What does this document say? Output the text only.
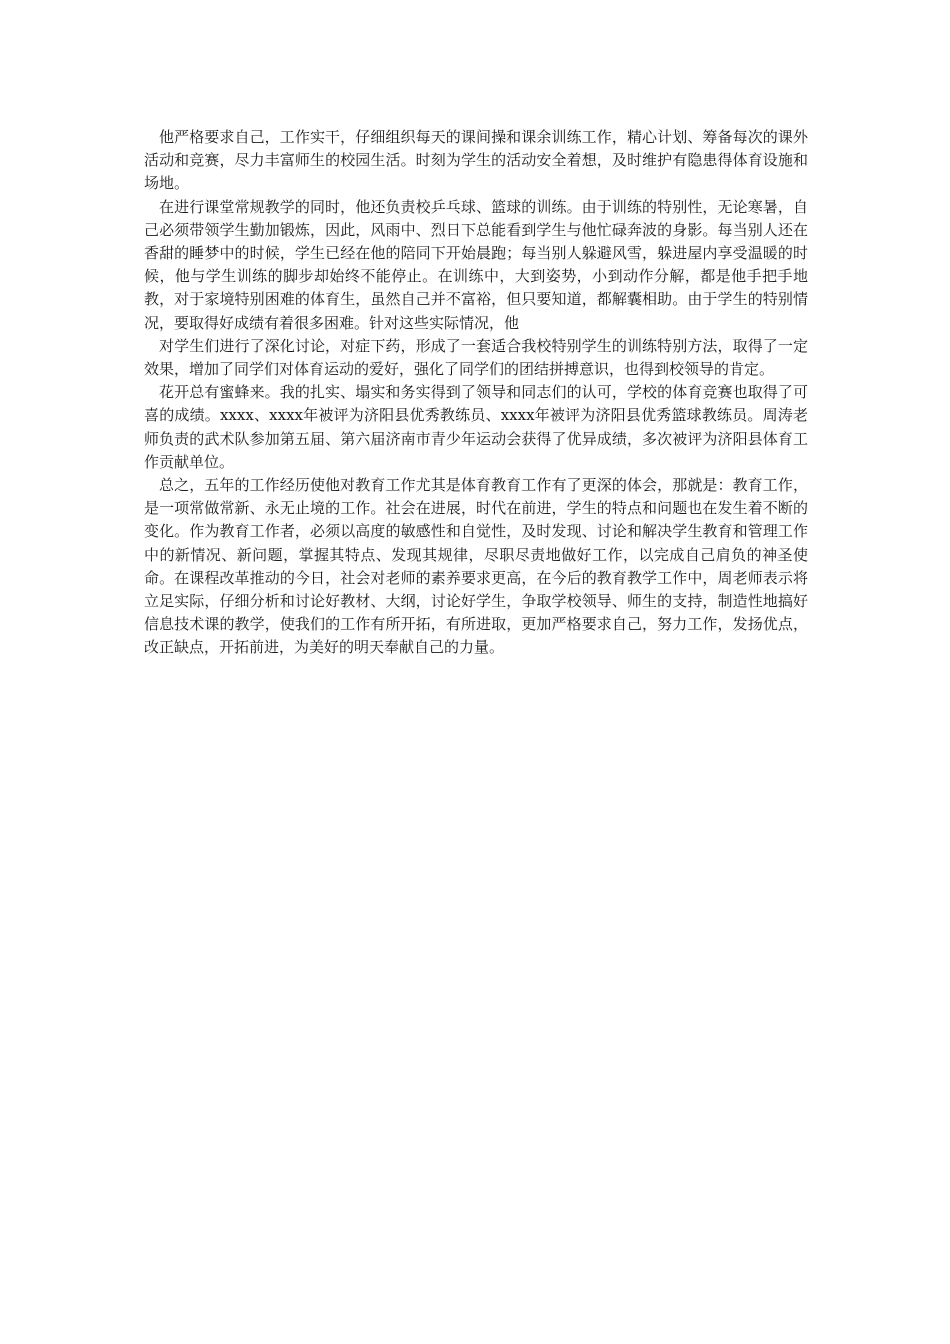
他严格要求自己，工作实干，仔细组织每天的课间操和课余训练工作，精心计划、筹备每次的课外活动和竞赛，尽力丰富师生的校园生活。时刻为学生的活动安全着想，及时维护有隐患得体育设施和场地。

在进行课堂常规教学的同时，他还负责校乒乓球、篮球的训练。由于训练的特别性，无论寒暑，自己必须带领学生勤加锻炼，因此，风雨中、烈日下总能看到学生与他忙碌奔波的身影。每当别人还在香甜的睡梦中的时候，学生已经在他的陪同下开始晨跑；每当别人躲避风雪，躲进屋内享受温暖的时候，他与学生训练的脚步却始终不能停止。在训练中，大到姿势，小到动作分解，都是他手把手地教，对于家境特别困难的体育生，虽然自己并不富裕，但只要知道，都解囊相助。由于学生的特别情况，要取得好成绩有着很多困难。针对这些实际情况，他

对学生们进行了深化讨论，对症下药，形成了一套适合我校特别学生的训练特别方法，取得了一定效果，增加了同学们对体育运动的爱好，强化了同学们的团结拼搏意识，也得到校领导的肯定。

花开总有蜜蜂来。我的扎实、塌实和务实得到了领导和同志们的认可，学校的体育竞赛也取得了可喜的成绩。xxxx、xxxx年被评为济阳县优秀教练员、xxxx年被评为济阳县优秀篮球教练员。周涛老师负责的武术队参加第五届、第六届济南市青少年运动会获得了优异成绩，多次被评为济阳县体育工作贡献单位。

总之，五年的工作经历使他对教育工作尤其是体育教育工作有了更深的体会，那就是：教育工作，是一项常做常新、永无止境的工作。社会在进展，时代在前进，学生的特点和问题也在发生着不断的变化。作为教育工作者，必须以高度的敏感性和自觉性，及时发现、讨论和解决学生教育和管理工作中的新情况、新问题，掌握其特点、发现其规律，尽职尽责地做好工作，以完成自己肩负的神圣使命。在课程改革推动的今日，社会对老师的素养要求更高，在今后的教育教学工作中，周老师表示将立足实际，仔细分析和讨论好教材、大纲，讨论好学生，争取学校领导、师生的支持，制造性地搞好信息技术课的教学，使我们的工作有所开拓，有所进取，更加严格要求自己，努力工作，发扬优点，改正缺点，开拓前进，为美好的明天奉献自己的力量。
